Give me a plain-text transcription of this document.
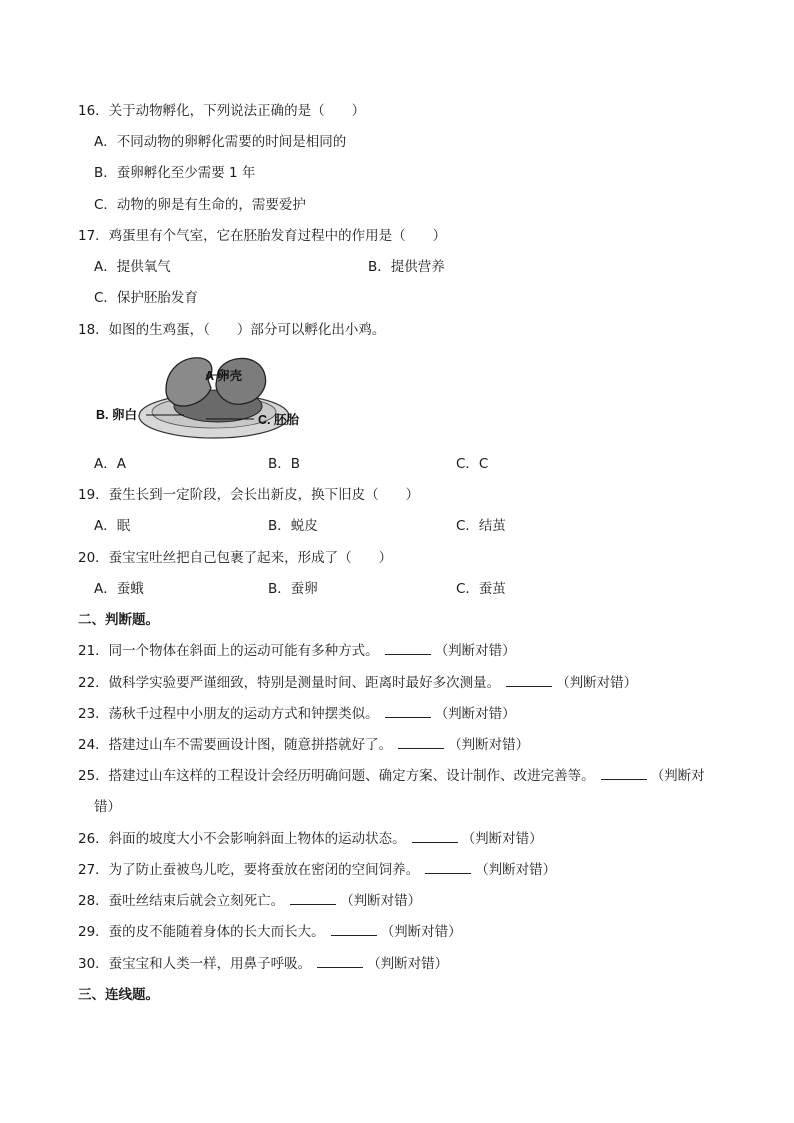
16．关于动物孵化，下列说法正确的是（　　）
A．不同动物的卵孵化需要的时间是相同的
B．蚕卵孵化至少需要 1 年
C．动物的卵是有生命的，需要爱护
17．鸡蛋里有个气室，它在胚胎发育过程中的作用是（　　）
A．提供氧气	B．提供营养
C．保护胚胎发育
18．如图的生鸡蛋，（　　）部分可以孵化出小鸡。
A 卵壳
B. 卵白	C. 胚胎
A．A	B．B	C．C
19．蚕生长到一定阶段，会长出新皮，换下旧皮（　　）
A．眠	B．蜕皮	C．结茧
20．蚕宝宝吐丝把自己包裹了起来，形成了（　　）
A．蚕蛾	B．蚕卵	C．蚕茧
二、判断题。
21．同一个物体在斜面上的运动可能有多种方式。	（判断对错）
22．做科学实验要严谨细致，特别是测量时间、距离时最好多次测量。	（判断对错）
23．荡秋千过程中小朋友的运动方式和钟摆类似。	（判断对错）
24．搭建过山车不需要画设计图，随意拼搭就好了。	（判断对错）
25．搭建过山车这样的工程设计会经历明确问题、确定方案、设计制作、改进完善等。	（判断对
错）
26．斜面的坡度大小不会影响斜面上物体的运动状态。	（判断对错）
27．为了防止蚕被鸟儿吃，要将蚕放在密闭的空间饲养。	（判断对错）
28．蚕吐丝结束后就会立刻死亡。	（判断对错）
29．蚕的皮不能随着身体的长大而长大。	（判断对错）
30．蚕宝宝和人类一样，用鼻子呼吸。	（判断对错）
三、连线题。
